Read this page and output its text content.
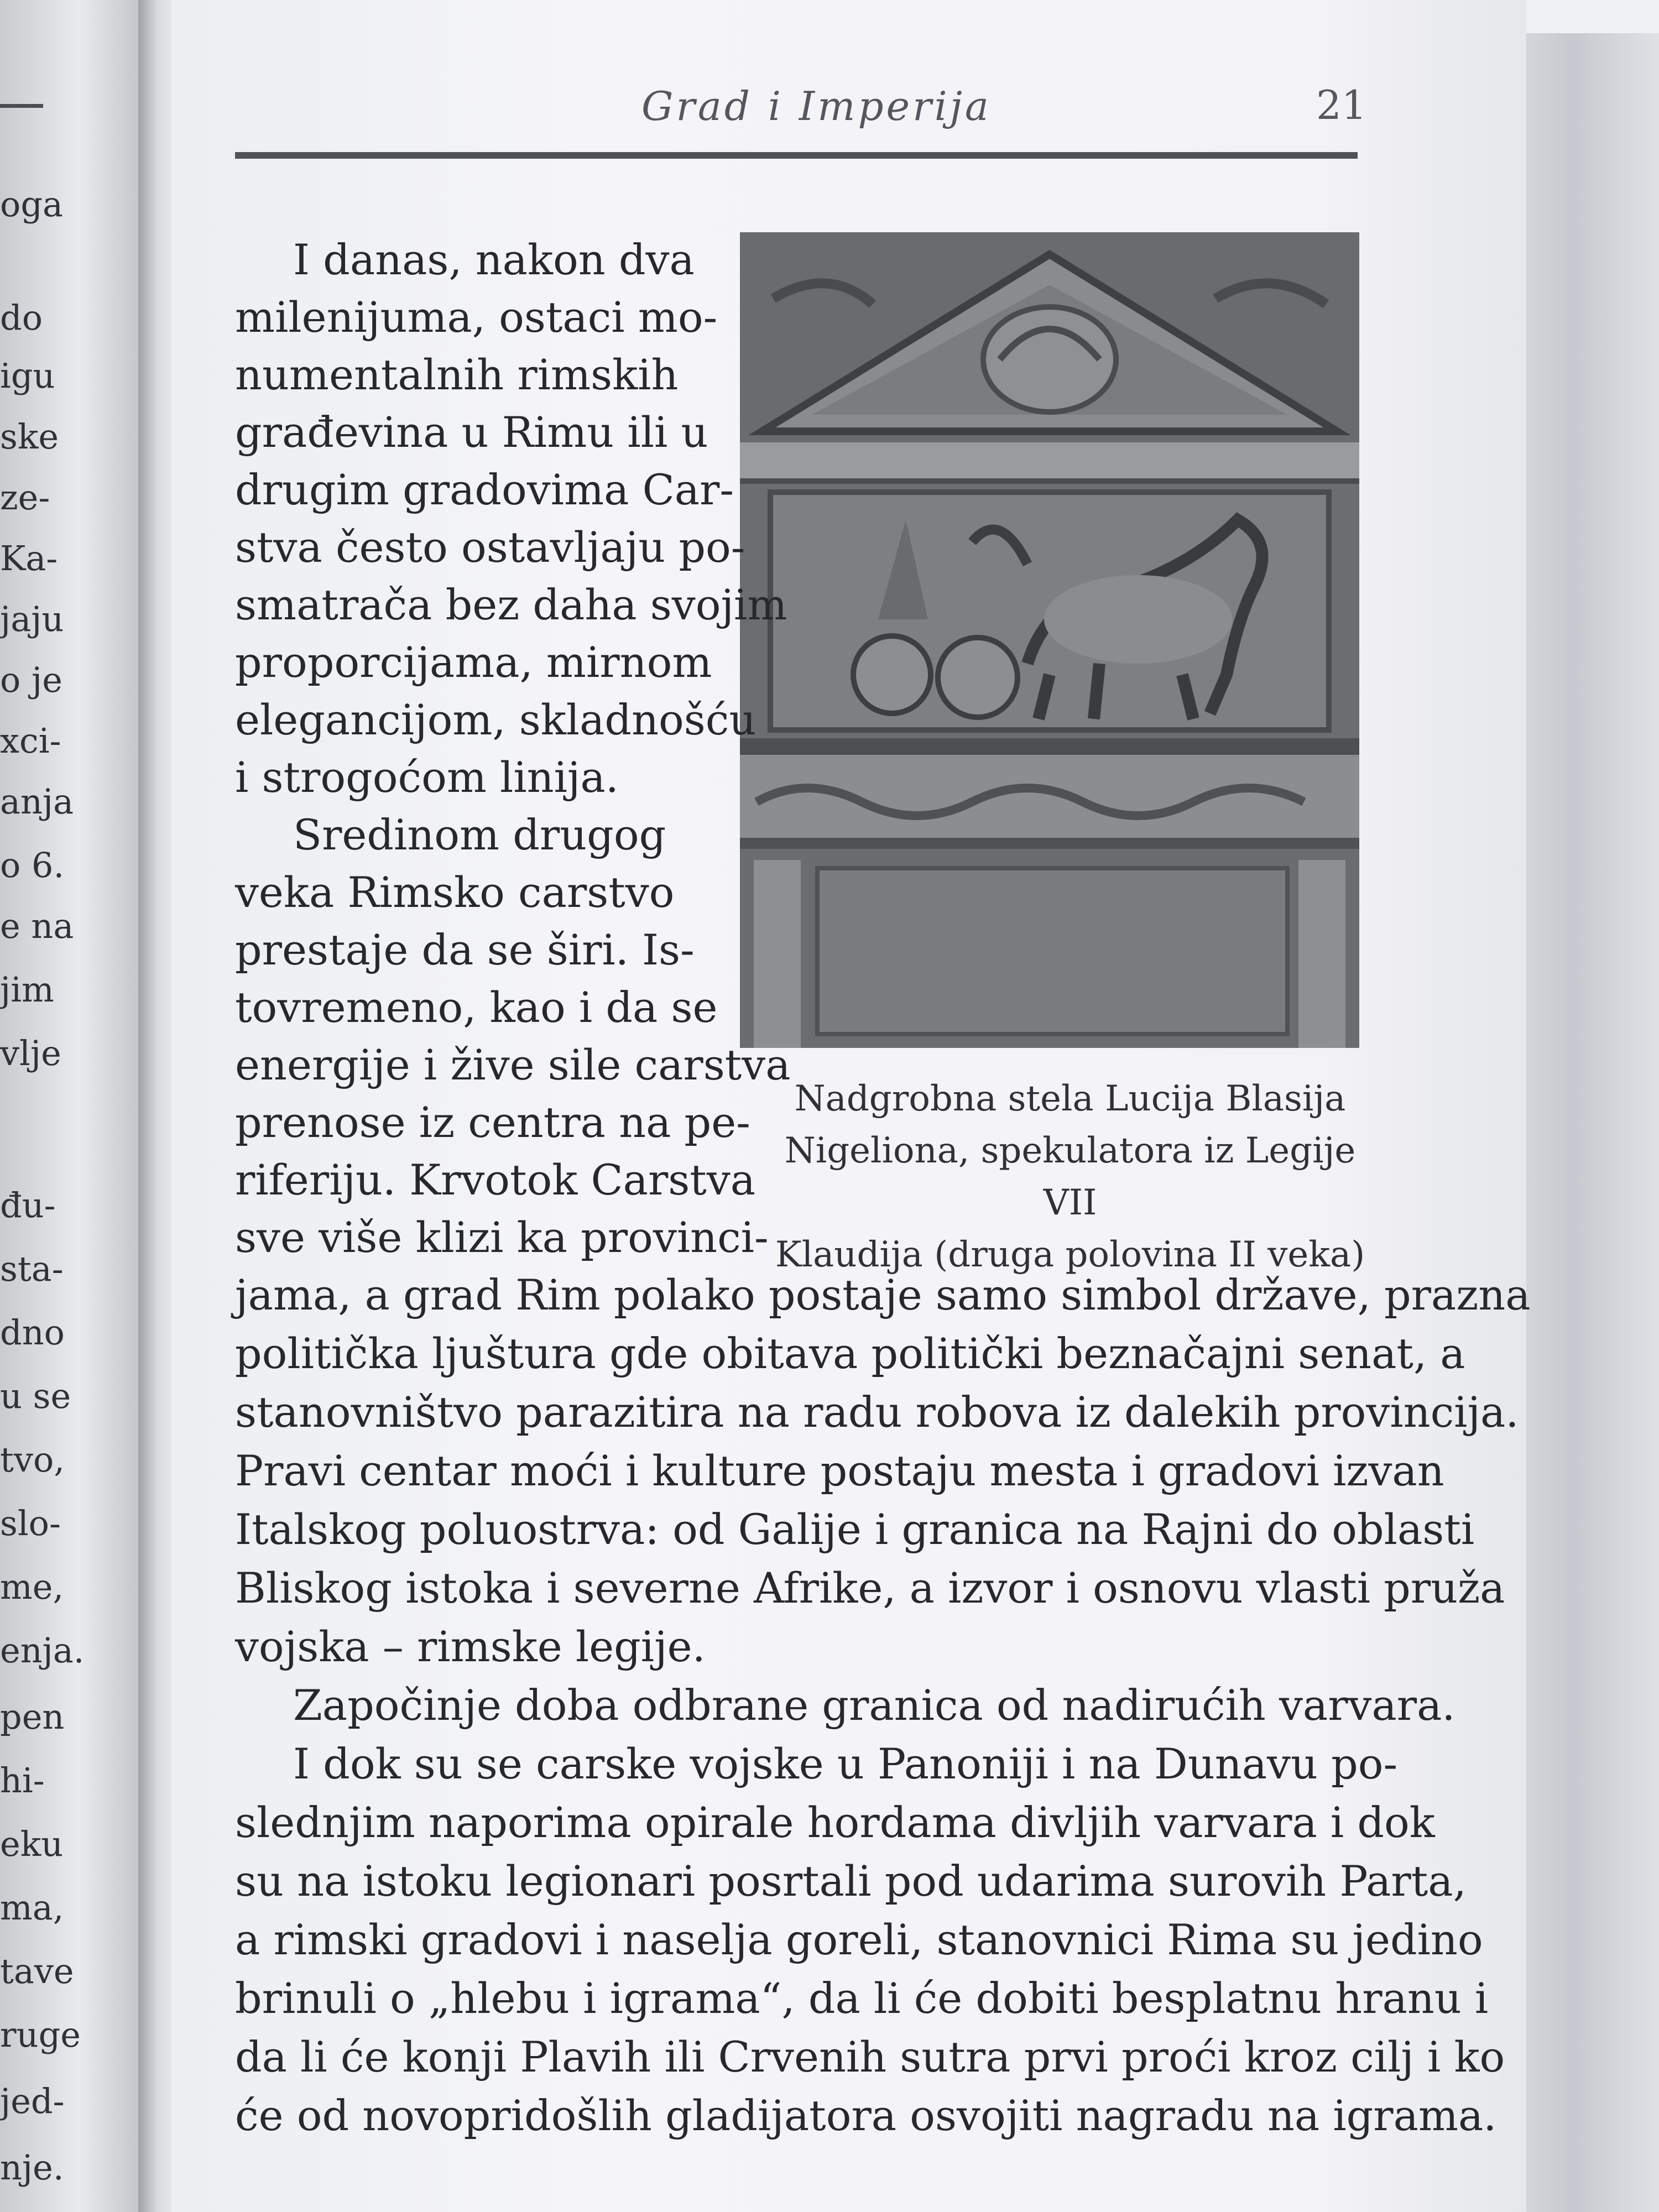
oga
do
igu
ske
ze-
Ka-
jaju
o je
xci-
anja
o 6.
e na
jim
vlje
đu-
sta-
dno
u se
tvo,
slo-
me,
enja.
pen
hi-
eku
ma,
tave
ruge
jed-
nje.
Grad i Imperija	21

Nadgrobna stela Lucija Blasija
Nigeliona, spekulatora iz Legije VII
Klaudija (druga polovina II veka)

I danas, nakon dva

milenijuma, ostaci mo-

numentalnih rimskih

građevina u Rimu ili u

drugim gradovima Car-

stva često ostavljaju po-

smatrača bez daha svojim

proporcijama, mirnom

elegancijom, skladnošću

i strogoćom linija.

Sredinom drugog

veka Rimsko carstvo

prestaje da se širi. Is-

tovremeno, kao i da se

energije i žive sile carstva

prenose iz centra na pe-

riferiju. Krvotok Carstva

sve više klizi ka provinci-

jama, a grad Rim polako postaje samo simbol države, prazna

politička ljuštura gde obitava politički beznačajni senat, a

stanovništvo parazitira na radu robova iz dalekih provincija.

Pravi centar moći i kulture postaju mesta i gradovi izvan

Italskog poluostrva: od Galije i granica na Rajni do oblasti

Bliskog istoka i severne Afrike, a izvor i osnovu vlasti pruža

vojska – rimske legije.

Započinje doba odbrane granica od nadirućih varvara.

I dok su se carske vojske u Panoniji i na Dunavu po-

slednjim naporima opirale hordama divljih varvara i dok

su na istoku legionari posrtali pod udarima surovih Parta,

a rimski gradovi i naselja goreli, stanovnici Rima su jedino

brinuli o „hlebu i igrama“, da li će dobiti besplatnu hranu i

da li će konji Plavih ili Crvenih sutra prvi proći kroz cilj i ko

će od novopridošlih gladijatora osvojiti nagradu na igrama.
